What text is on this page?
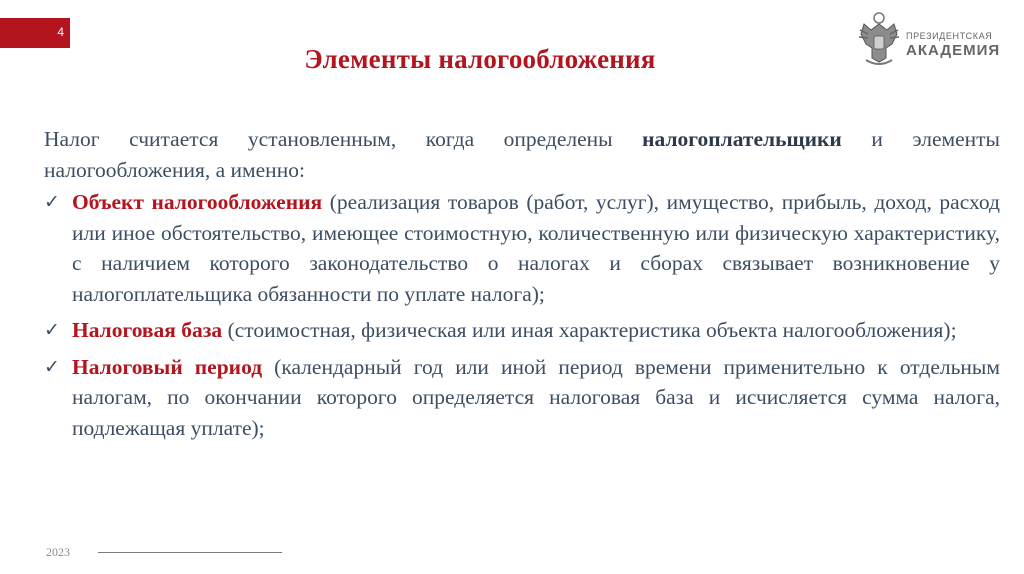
4
Элементы налогообложения
ПРЕЗИДЕНТСКАЯ
АКАДЕМИЯ
Налог считается установленным, когда определены налогоплательщики и элементы налогообложения, а именно:
✓ Объект налогообложения (реализация товаров (работ, услуг), имущество, прибыль, доход, расход или иное обстоятельство, имеющее стоимостную, количественную или физическую характеристику, с наличием которого законодательство о налогах и сборах связывает возникновение у налогоплательщика обязанности по уплате налога);
✓ Налоговая база (стоимостная, физическая или иная характеристика объекта налогообложения);
✓ Налоговый период (календарный год или иной период времени применительно к отдельным налогам, по окончании которого определяется налоговая база и исчисляется сумма налога, подлежащая уплате);
2023
